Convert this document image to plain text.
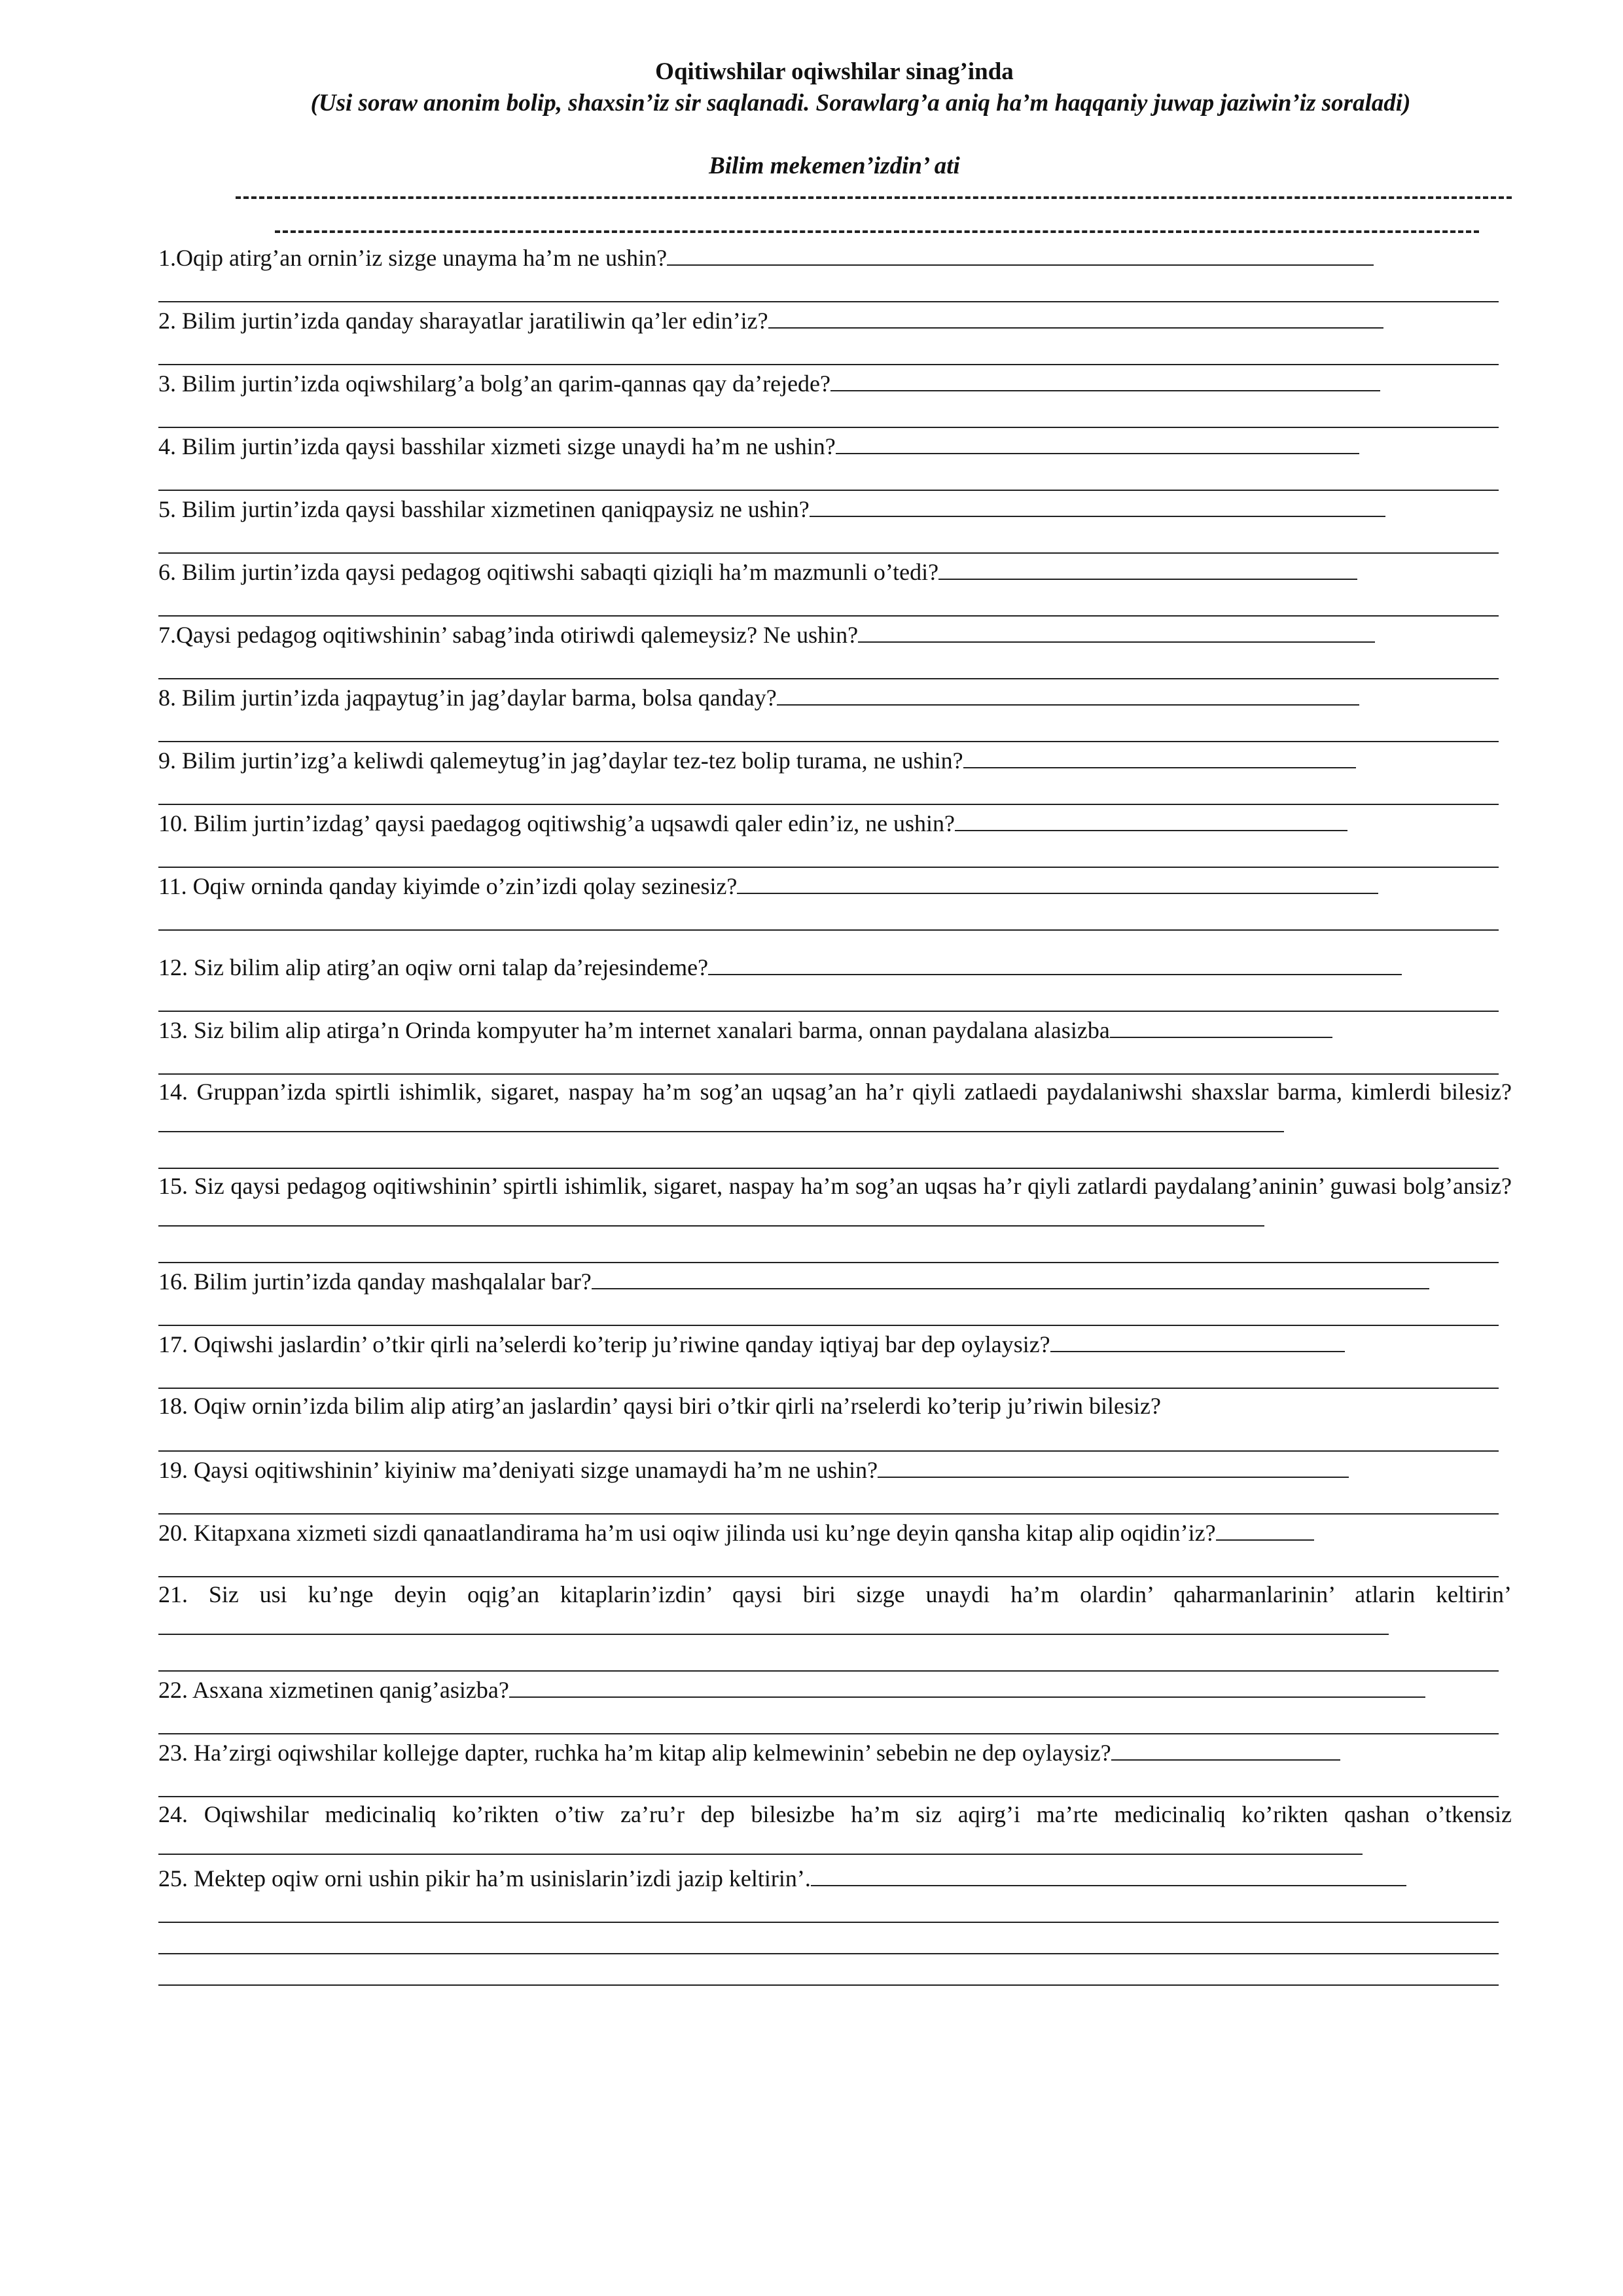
Oqitiwshilar oqiwshilar sinag’inda
(Usi soraw anonim bolip, shaxsin’iz sir saqlanadi. Sorawlarg’a aniq ha’m haqqaniy juwap jaziwin’iz soraladi)
Bilim mekemen’izdin’ ati
1.Oqip atirg’an ornin’iz sizge unayma ha’m ne ushin?
2. Bilim jurtin’izda qanday sharayatlar jaratiliwin qa’ler edin’iz?
3. Bilim jurtin’izda oqiwshilarg’a bolg’an qarim-qannas qay da’rejede?
4. Bilim jurtin’izda qaysi basshilar xizmeti sizge unaydi ha’m ne ushin?
5. Bilim jurtin’izda qaysi basshilar xizmetinen qaniqpaysiz ne ushin?
6. Bilim jurtin’izda qaysi pedagog oqitiwshi sabaqti qiziqli ha’m mazmunli o’tedi?
7.Qaysi pedagog oqitiwshinin’ sabag’inda otiriwdi qalemeysiz? Ne ushin?
8. Bilim jurtin’izda jaqpaytug’in jag’daylar barma, bolsa qanday?
9. Bilim jurtin’izg’a keliwdi qalemeytug’in jag’daylar tez-tez bolip turama, ne ushin?
10. Bilim jurtin’izdag’ qaysi paedagog oqitiwshig’a uqsawdi qaler edin’iz, ne ushin?
11. Oqiw orninda qanday kiyimde o’zin’izdi qolay sezinesiz?
12. Siz bilim alip atirg’an oqiw orni talap da’rejesindeme?
13. Siz bilim alip atirga’n Orinda kompyuter ha’m internet xanalari barma, onnan paydalana alasizba
14. Gruppan’izda spirtli ishimlik, sigaret, naspay ha’m sog’an uqsag’an ha’r qiyli zatlaedi paydalaniwshi shaxslar barma, kimlerdi bilesiz?
15. Siz qaysi pedagog oqitiwshinin’ spirtli ishimlik, sigaret, naspay ha’m sog’an uqsas ha’r qiyli zatlardi paydalang’aninin’ guwasi bolg’ansiz?
16. Bilim jurtin’izda qanday mashqalalar bar?
17. Oqiwshi jaslardin’ o’tkir qirli na’selerdi ko’terip ju’riwine qanday iqtiyaj bar dep oylaysiz?
18. Oqiw ornin’izda bilim alip atirg’an jaslardin’ qaysi biri o’tkir qirli na’rselerdi ko’terip ju’riwin bilesiz?
19. Qaysi oqitiwshinin’ kiyiniw ma’deniyati sizge unamaydi ha’m ne ushin?
20. Kitapxana xizmeti sizdi qanaatlandirama ha’m usi oqiw jilinda usi ku’nge deyin qansha kitap alip oqidin’iz?
21. Siz usi ku’nge deyin oqig’an kitaplarin’izdin’ qaysi biri sizge unaydi ha’m olardin’ qaharmanlarinin’ atlarin keltirin’
22. Asxana xizmetinen qanig’asizba?
23. Ha’zirgi oqiwshilar kollejge dapter, ruchka ha’m kitap alip kelmewinin’ sebebin ne dep oylaysiz?
24. Oqiwshilar medicinaliq ko’rikten o’tiw za’ru’r dep bilesizbe ha’m siz aqirg’i ma’rte medicinaliq ko’rikten qashan o’tkensiz
25. Mektep oqiw orni ushin pikir ha’m usinislarin’izdi jazip keltirin’.
